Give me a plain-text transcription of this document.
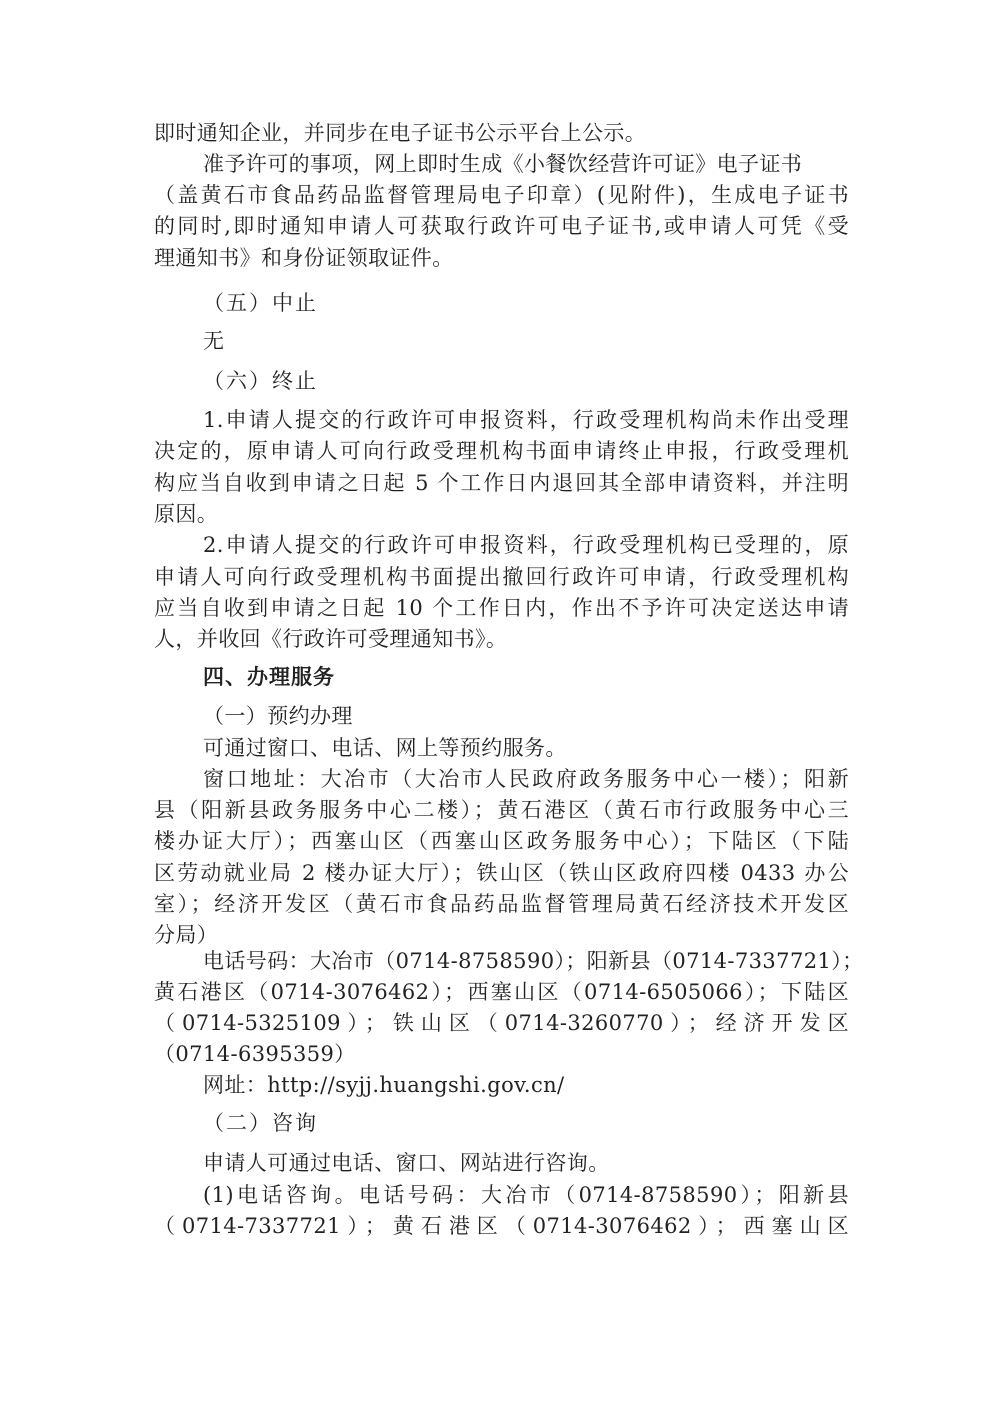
即时通知企业，并同步在电子证书公示平台上公示。
准予许可的事项，网上即时生成《小餐饮经营许可证》电子证书
（盖黄石市食品药品监督管理局电子印章）(见附件)，生成电子证书
的同时,即时通知申请人可获取行政许可电子证书,或申请人可凭《受
理通知书》和身份证领取证件。
（五）中止
无
（六）终止
1.申请人提交的行政许可申报资料，行政受理机构尚未作出受理
决定的，原申请人可向行政受理机构书面申请终止申报，行政受理机
构应当自收到申请之日起 5 个工作日内退回其全部申请资料，并注明
原因。
2.申请人提交的行政许可申报资料，行政受理机构已受理的，原
申请人可向行政受理机构书面提出撤回行政许可申请，行政受理机构
应当自收到申请之日起 10 个工作日内，作出不予许可决定送达申请
人，并收回《行政许可受理通知书》。
四、办理服务
（一）预约办理
可通过窗口、电话、网上等预约服务。
窗口地址：大冶市（大冶市人民政府政务服务中心一楼）；阳新
县（阳新县政务服务中心二楼）；黄石港区（黄石市行政服务中心三
楼办证大厅）；西塞山区（西塞山区政务服务中心）；下陆区（下陆
区劳动就业局 2 楼办证大厅）；铁山区（铁山区政府四楼 0433 办公
室）；经济开发区（黄石市食品药品监督管理局黄石经济技术开发区
分局）
电话号码：大冶市（0714-8758590）；阳新县（0714-7337721）；
黄石港区（0714-3076462）；西塞山区（0714-6505066）；下陆区
（0714-5325109）；铁山区（0714-3260770）；经济开发区
（0714-6395359）
网址：http://syjj.huangshi.gov.cn/
（二）咨询
申请人可通过电话、窗口、网站进行咨询。
(1)电话咨询。电话号码：大冶市（0714-8758590）；阳新县
（0714-7337721）；黄石港区（0714-3076462）；西塞山区
